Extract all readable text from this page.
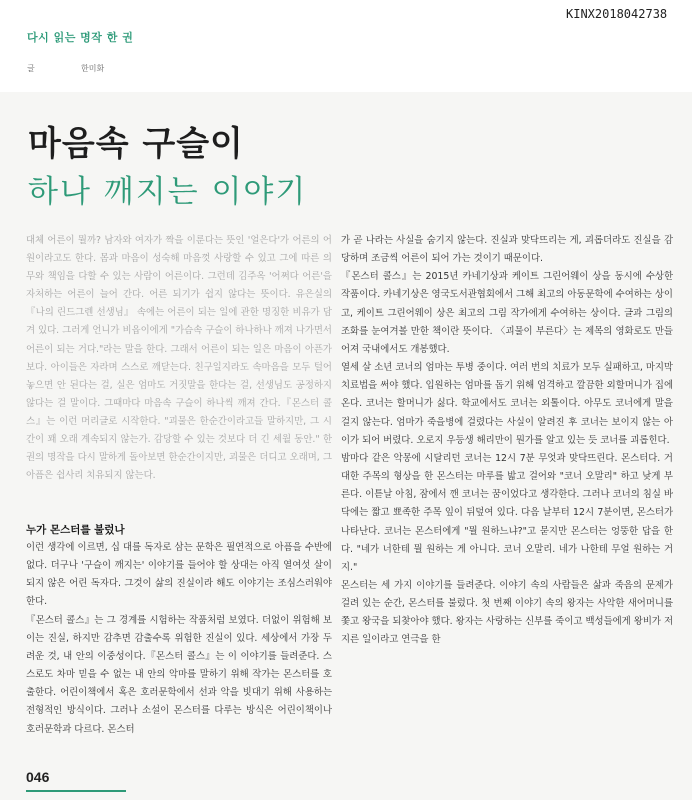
다시 읽는 명작 한 권
KINX2018042738
글	한미화
마음속 구슬이
하나 깨지는 이야기

대체 어른이 뭘까? 남자와 여자가 짝을 이룬다는 뜻인 '얼은다'가 어른의 어원이라고도 한다. 몸과 마음이 성숙해 마음껏 사랑할 수 있고 그에 따른 의무와 책임을 다할 수 있는 사람이 어른이다. 그런데 김주옥 '어쩌다 어른'을 자처하는 어른이 늘어 간다. 어른 되기가 쉽지 않다는 뜻이다. 유은실의 『나의 린드그렌 선생님』 속에는 어른이 되는 일에 관한 명징한 비유가 담겨 있다. 그러게 언니가 비읍이에게 "가슴속 구슬이 하나하나 깨져 나가면서 어른이 되는 거다."라는 말을 한다. 그래서 어른이 되는 일은 마음이 아픈가 보다. 아이들은 자라며 스스로 깨닫는다. 친구일지라도 속마음을 모두 털어놓으면 안 된다는 걸, 실은 엄마도 거짓말을 한다는 걸, 선생님도 공정하지 않다는 걸 말이다. 그때마다 마음속 구슬이 하나씩 깨져 간다.『몬스터 콜스』는 이런 머리글로 시작한다. "괴물은 한순간이라고들 말하지만, 그 시간이 꽤 오래 계속되지 않는가. 감당할 수 있는 것보다 더 긴 세월 동안." 한 권의 명작을 다시 말하게 돌아보면 한순간이지만, 괴물은 더디고 오래며, 그 아픔은 쉽사리 치유되지 않는다.

누가 몬스터를 불렀나

이런 생각에 이르면, 십 대를 독자로 삼는 문학은 필연적으로 아픔을 수반에 없다. 더구나 '구슬이 깨지는' 이야기를 들어야 할 상대는 아직 열여섯 살이 되지 않은 어린 독자다. 그것이 삶의 진실이라 해도 이야기는 조심스러워야 한다.

『몬스터 콜스』는 그 경계를 시험하는 작품처럼 보였다. 더없이 위험해 보이는 진실, 하지만 감추면 감출수록 위험한 진실이 있다. 세상에서 가장 두려운 것, 내 안의 이중성이다.『몬스터 콜스』는 이 이야기를 들려준다. 스스로도 차마 믿을 수 없는 내 안의 악마를 말하기 위해 작가는 몬스터를 호출한다. 어린이책에서 혹은 호러문학에서 선과 악을 빗대기 위해 사용하는 전형적인 방식이다. 그러나 소설이 몬스터를 다루는 방식은 어린이책이나 호러문학과 다르다. 몬스터

가 곧 나라는 사실을 숨기지 않는다. 진실과 맞닥뜨리는 게, 괴롭더라도 진실을 감당하며 조금씩 어른이 되어 가는 것이기 때문이다.

『몬스터 콜스』는 2015년 카네기상과 케이트 그린어웨이 상을 동시에 수상한 작품이다. 카네기상은 영국도서관협회에서 그해 최고의 아동문학에 수여하는 상이고, 케이트 그린어웨이 상은 최고의 그림 작가에게 수여하는 상이다. 글과 그림의 조화를 눈여겨볼 만한 책이란 뜻이다. 〈괴물이 부른다〉는 제목의 영화로도 만들어져 국내에서도 개봉했다.

열세 살 소년 코너의 엄마는 투병 중이다. 여러 번의 치료가 모두 실패하고, 마지막 치료법을 써야 했다. 입원하는 엄마를 돕기 위해 엄격하고 깔끔한 외할머니가 집에 온다. 코너는 할머니가 싫다. 학교에서도 코너는 외톨이다. 아무도 코너에게 말을 걸지 않는다. 엄마가 죽을병에 걸렸다는 사실이 알려진 후 코너는 보이지 않는 아이가 되어 버렸다. 오로지 우등생 해리만이 뭔가를 알고 있는 듯 코너를 괴롭힌다.

밤마다 같은 악몽에 시달리던 코너는 12시 7분 무엇과 맞닥뜨린다. 몬스터다. 거대한 주목의 형상을 한 몬스터는 마루를 밟고 걸어와 "코너 오말리" 하고 낮게 부른다. 이튿날 아침, 잠에서 깬 코너는 꿈이었다고 생각한다. 그러나 코너의 침실 바닥에는 짧고 뾰족한 주목 잎이 뒤덮여 있다. 다음 날부터 12시 7분이면, 몬스터가 나타난다. 코너는 몬스터에게 "뭘 원하느냐?"고 묻지만 몬스터는 엉뚱한 답을 한다. "네가 너한테 뭘 원하는 게 아니다. 코너 오말리. 네가 나한테 무얼 원하는 거지."

몬스터는 세 가지 이야기를 들려준다. 이야기 속의 사람들은 삶과 죽음의 문제가 걸려 있는 순간, 몬스터를 불렀다. 첫 번째 이야기 속의 왕자는 사악한 새어머니를 쫓고 왕국을 되찾아야 했다. 왕자는 사랑하는 신부를 죽이고 백성들에게 왕비가 저지른 일이라고 연극을 한

046
